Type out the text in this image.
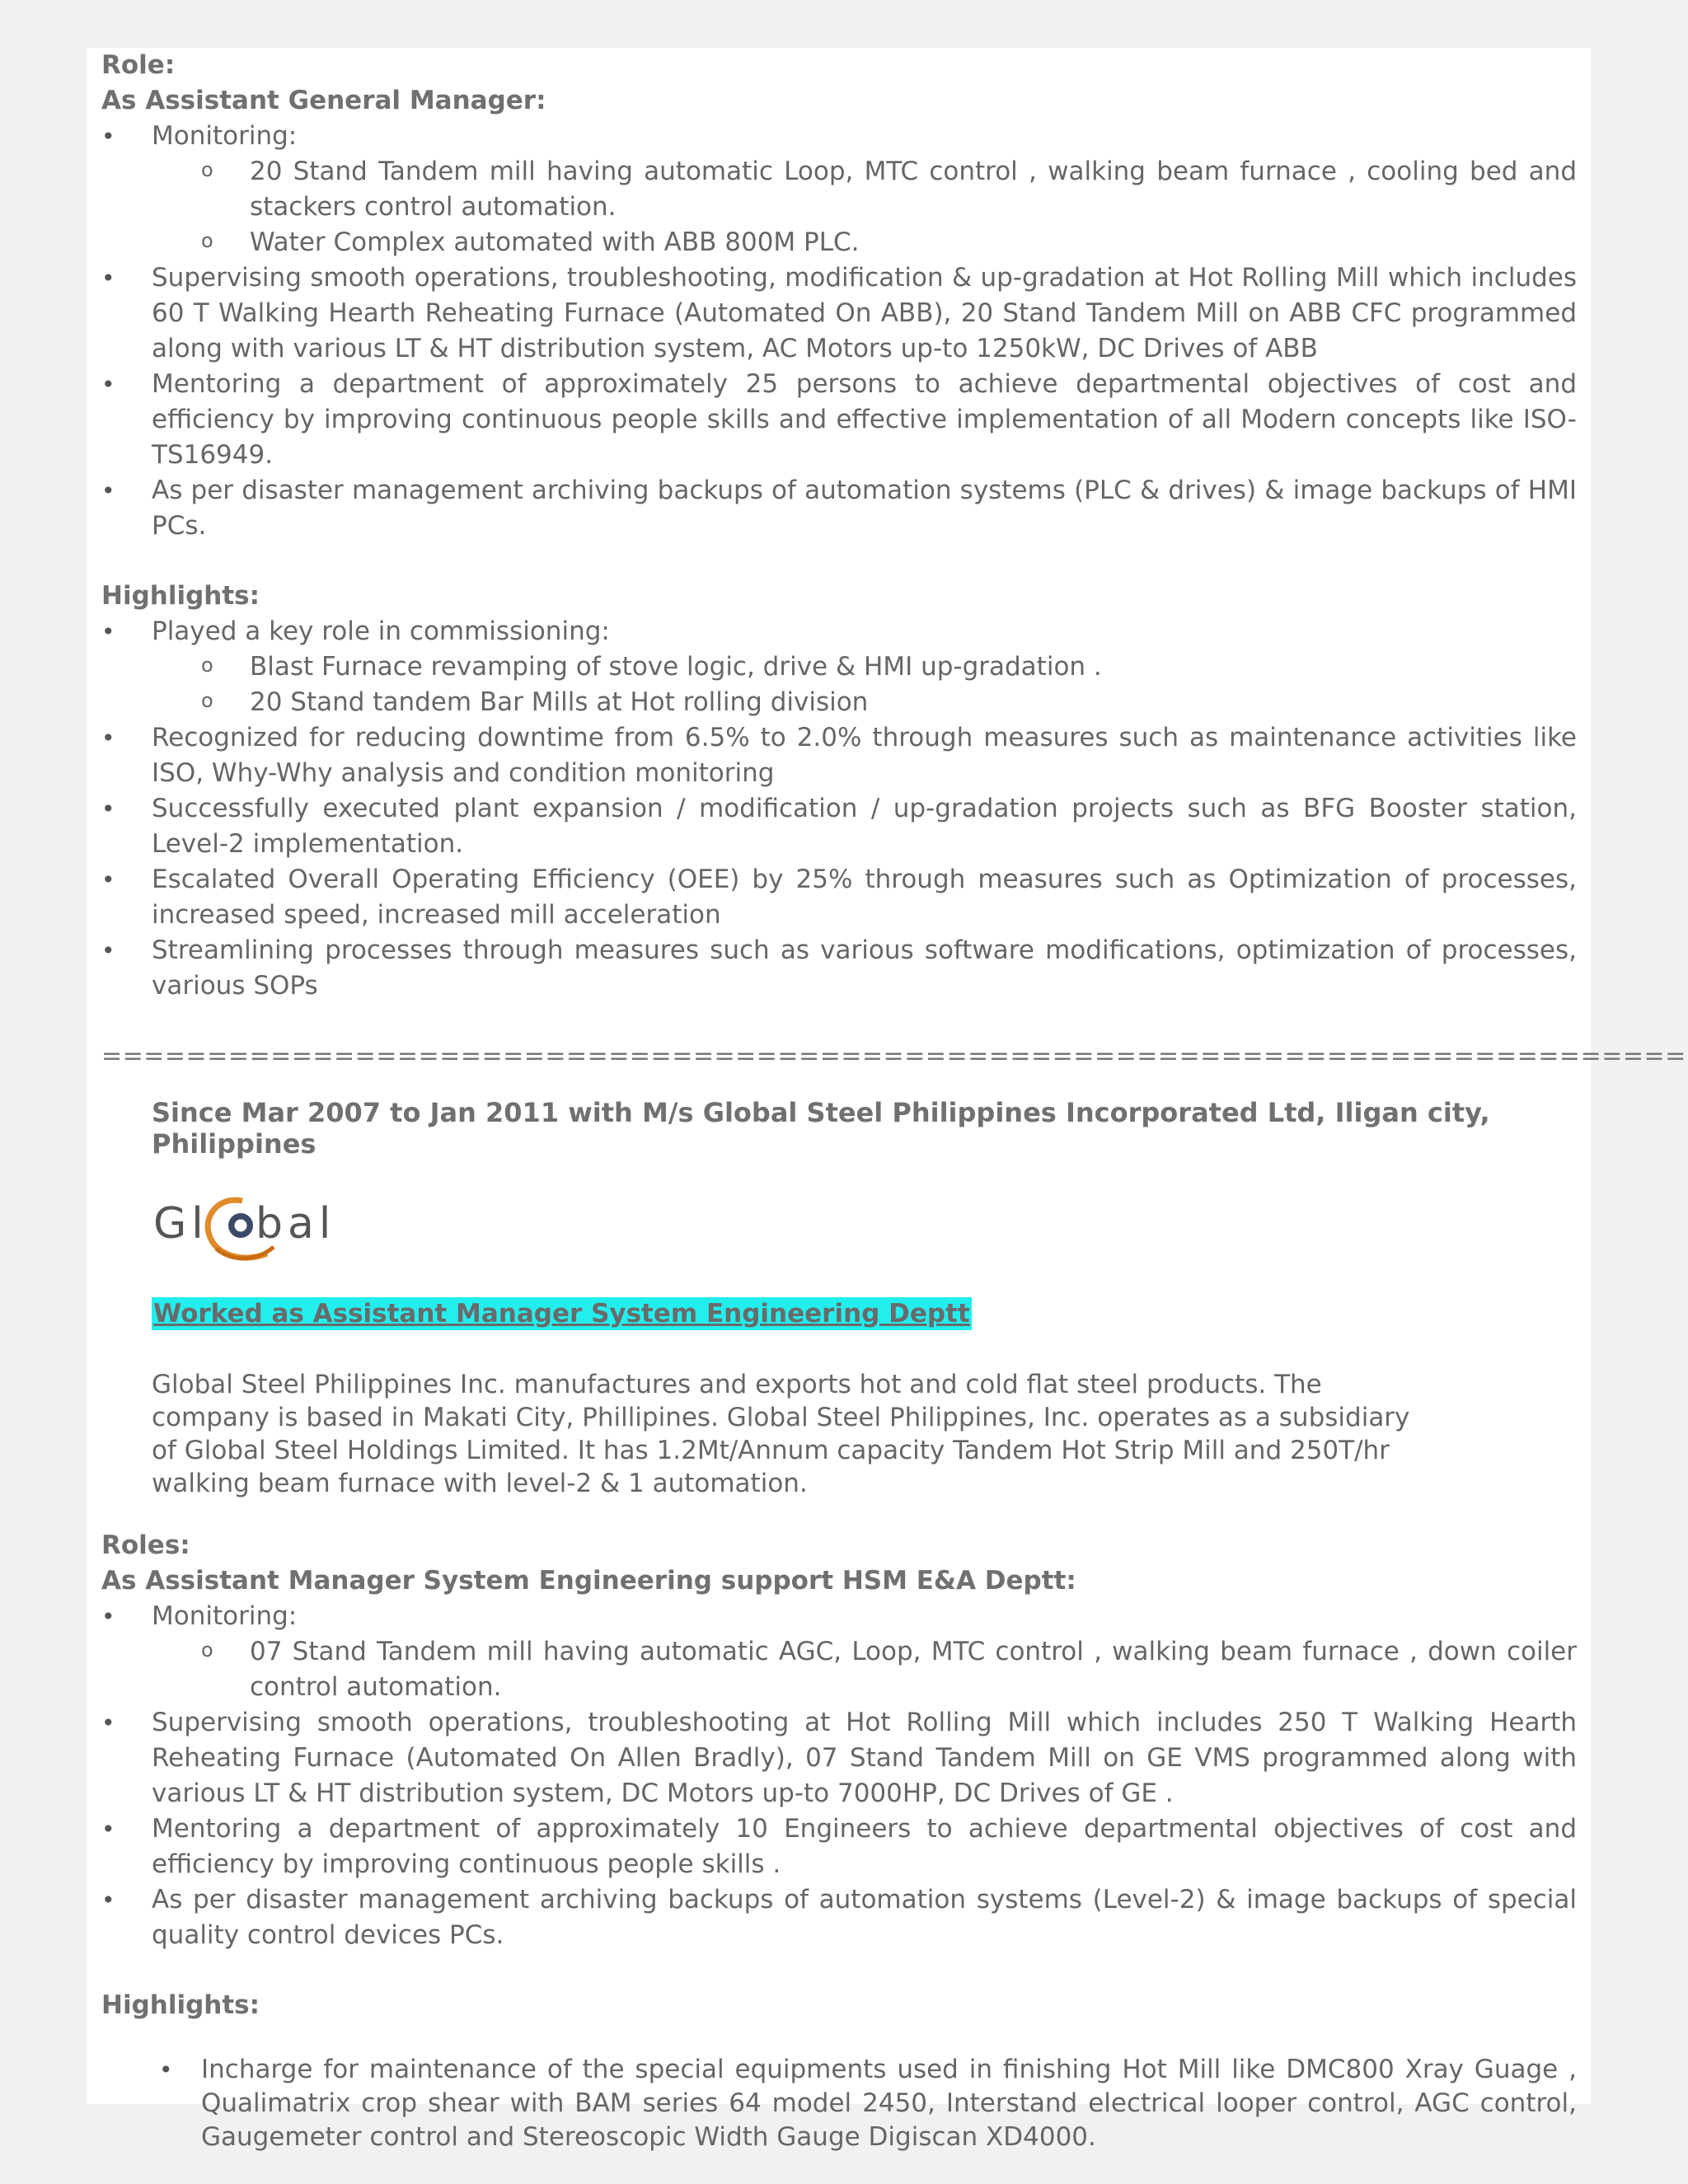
Role:
As Assistant General Manager:
• Monitoring:
o 20 Stand Tandem mill having automatic Loop, MTC control , walking beam furnace , cooling bed and stackers control automation.
o Water Complex automated with ABB 800M PLC.
• Supervising smooth operations, troubleshooting, modification & up-gradation at Hot Rolling Mill which includes 60 T Walking Hearth Reheating Furnace (Automated On ABB), 20 Stand Tandem Mill on ABB CFC programmed along with various LT & HT distribution system, AC Motors up-to 1250kW, DC Drives of ABB
• Mentoring a department of approximately 25 persons to achieve departmental objectives of cost and efficiency by improving continuous people skills and effective implementation of all Modern concepts like ISO-TS16949.
• As per disaster management archiving backups of automation systems (PLC & drives) & image backups of HMI PCs.
Highlights:
• Played a key role in commissioning:
o Blast Furnace revamping of stove logic, drive & HMI up-gradation .
o 20 Stand tandem Bar Mills at Hot rolling division
• Recognized for reducing downtime from 6.5% to 2.0% through measures such as maintenance activities like ISO, Why-Why analysis and condition monitoring
• Successfully executed plant expansion / modification / up-gradation projects such as BFG Booster station, Level-2 implementation.
• Escalated Overall Operating Efficiency (OEE) by 25% through measures such as Optimization of processes, increased speed, increased mill acceleration
• Streamlining processes through measures such as various software modifications, optimization of processes, various SOPs
===========================================================================
Since Mar 2007 to Jan 2011 with M/s Global Steel Philippines Incorporated Ltd, Iligan city, Philippines
Gl bal
Worked as Assistant Manager System Engineering Deptt
Global Steel Philippines Inc. manufactures and exports hot and cold flat steel products. The company is based in Makati City, Phillipines. Global Steel Philippines, Inc. operates as a subsidiary of Global Steel Holdings Limited. It has 1.2Mt/Annum capacity Tandem Hot Strip Mill and 250T/hr walking beam furnace with level-2 & 1 automation.
Roles:
As Assistant Manager System Engineering support HSM E&A Deptt:
• Monitoring:
o 07 Stand Tandem mill having automatic AGC, Loop, MTC control , walking beam furnace , down coiler control automation.
• Supervising smooth operations, troubleshooting at Hot Rolling Mill which includes 250 T Walking Hearth Reheating Furnace (Automated On Allen Bradly), 07 Stand Tandem Mill on GE VMS programmed along with various LT & HT distribution system, DC Motors up-to 7000HP, DC Drives of GE .
• Mentoring a department of approximately 10 Engineers to achieve departmental objectives of cost and efficiency by improving continuous people skills .
• As per disaster management archiving backups of automation systems (Level-2) & image backups of special quality control devices PCs.
Highlights:
• Incharge for maintenance of the special equipments used in finishing Hot Mill like DMC800 Xray Guage , Qualimatrix crop shear with BAM series 64 model 2450, Interstand electrical looper control, AGC control, Gaugemeter control and Stereoscopic Width Gauge Digiscan XD4000.
